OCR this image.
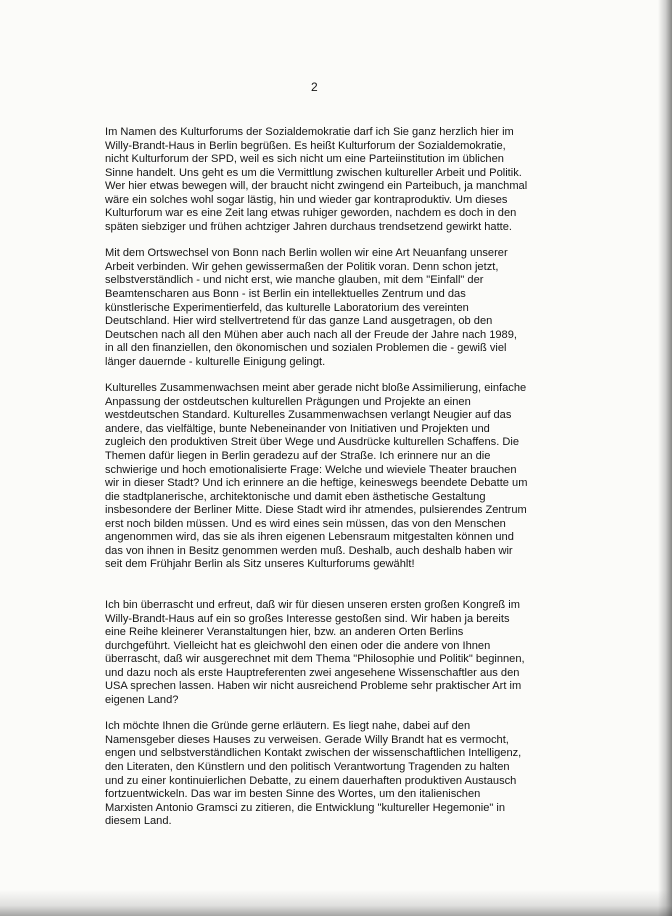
2

Im Namen des Kulturforums der Sozialdemokratie darf ich Sie ganz herzlich hier im
Willy-Brandt-Haus in Berlin begrüßen. Es heißt Kulturforum der Sozialdemokratie,
nicht Kulturforum der SPD, weil es sich nicht um eine Parteiinstitution im üblichen
Sinne handelt. Uns geht es um die Vermittlung zwischen kultureller Arbeit und Politik.
Wer hier etwas bewegen will, der braucht nicht zwingend ein Parteibuch, ja manchmal
wäre ein solches wohl sogar lästig, hin und wieder gar kontraproduktiv. Um dieses
Kulturforum war es eine Zeit lang etwas ruhiger geworden, nachdem es doch in den
späten siebziger und frühen achtziger Jahren durchaus trendsetzend gewirkt hatte.

Mit dem Ortswechsel von Bonn nach Berlin wollen wir eine Art Neuanfang unserer
Arbeit verbinden. Wir gehen gewissermaßen der Politik voran. Denn schon jetzt,
selbstverständlich - und nicht erst, wie manche glauben, mit dem "Einfall" der
Beamtenscharen aus Bonn - ist Berlin ein intellektuelles Zentrum und das
künstlerische Experimentierfeld, das kulturelle Laboratorium des vereinten
Deutschland. Hier wird stellvertretend für das ganze Land ausgetragen, ob den
Deutschen nach all den Mühen aber auch nach all der Freude der Jahre nach 1989,
in all den finanziellen, den ökonomischen und sozialen Problemen die - gewiß viel
länger dauernde - kulturelle Einigung gelingt.

Kulturelles Zusammenwachsen meint aber gerade nicht bloße Assimilierung, einfache
Anpassung der ostdeutschen kulturellen Prägungen und Projekte an einen
westdeutschen Standard. Kulturelles Zusammenwachsen verlangt Neugier auf das
andere, das vielfältige, bunte Nebeneinander von Initiativen und Projekten und
zugleich den produktiven Streit über Wege und Ausdrücke kulturellen Schaffens. Die
Themen dafür liegen in Berlin geradezu auf der Straße. Ich erinnere nur an die
schwierige und hoch emotionalisierte Frage: Welche und wieviele Theater brauchen
wir in dieser Stadt? Und ich erinnere an die heftige, keineswegs beendete Debatte um
die stadtplanerische, architektonische und damit eben ästhetische Gestaltung
insbesondere der Berliner Mitte. Diese Stadt wird ihr atmendes, pulsierendes Zentrum
erst noch bilden müssen. Und es wird eines sein müssen, das von den Menschen
angenommen wird, das sie als ihren eigenen Lebensraum mitgestalten können und
das von ihnen in Besitz genommen werden muß. Deshalb, auch deshalb haben wir
seit dem Frühjahr Berlin als Sitz unseres Kulturforums gewählt!

Ich bin überrascht und erfreut, daß wir für diesen unseren ersten großen Kongreß im
Willy-Brandt-Haus auf ein so großes Interesse gestoßen sind. Wir haben ja bereits
eine Reihe kleinerer Veranstaltungen hier, bzw. an anderen Orten Berlins
durchgeführt. Vielleicht hat es gleichwohl den einen oder die andere von Ihnen
überrascht, daß wir ausgerechnet mit dem Thema "Philosophie und Politik" beginnen,
und dazu noch als erste Hauptreferenten zwei angesehene Wissenschaftler aus den
USA sprechen lassen. Haben wir nicht ausreichend Probleme sehr praktischer Art im
eigenen Land?

Ich möchte Ihnen die Gründe gerne erläutern. Es liegt nahe, dabei auf den
Namensgeber dieses Hauses zu verweisen. Gerade Willy Brandt hat es vermocht,
engen und selbstverständlichen Kontakt zwischen der wissenschaftlichen Intelligenz,
den Literaten, den Künstlern und den politisch Verantwortung Tragenden zu halten
und zu einer kontinuierlichen Debatte, zu einem dauerhaften produktiven Austausch
fortzuentwickeln. Das war im besten Sinne des Wortes, um den italienischen
Marxisten Antonio Gramsci zu zitieren, die Entwicklung "kultureller Hegemonie" in
diesem Land.
